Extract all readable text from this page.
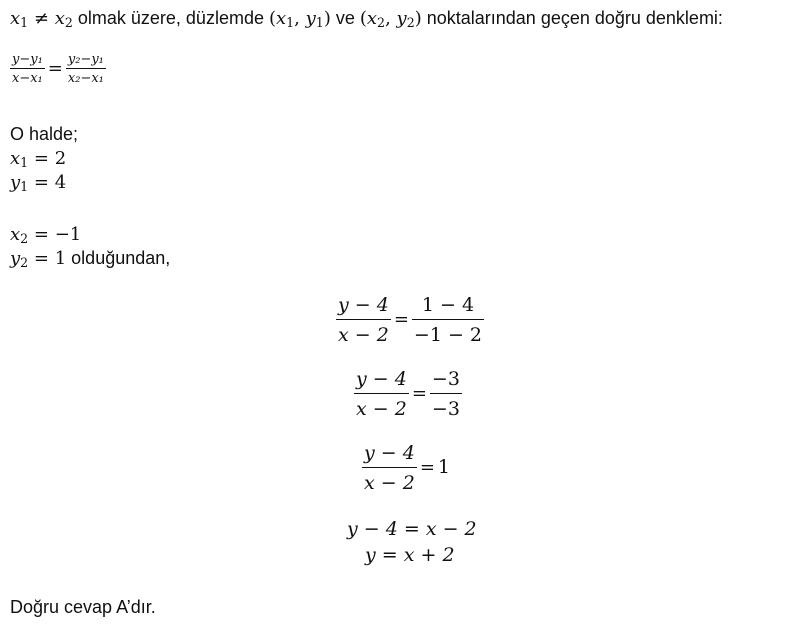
$x_1 \ne x_2$ olmak üzere, düzlemde ($x_1$, $y_1$) ve ($x_2$, $y_2$) noktalarından geçen doğru denklemi:
$\frac{\text{y−y₁}}{\text{x−x₁}} = \frac{\text{y₂−y₁}}{\text{x₂−x₁}}$
O halde;
$x_1 = 2$
$y_1 = 4$
$x_2 = -1$
$y_2 = 1$ olduğundan,
$\frac{y - 4}{x - 2} = \frac{1 - 4}{-1 - 2}$
$\frac{y - 4}{x - 2} = \frac{-3}{-3}$
$\frac{y - 4}{x - 2} = 1$
y − 4 = x − 2
y = x + 2
Doğru cevap A’dır.
